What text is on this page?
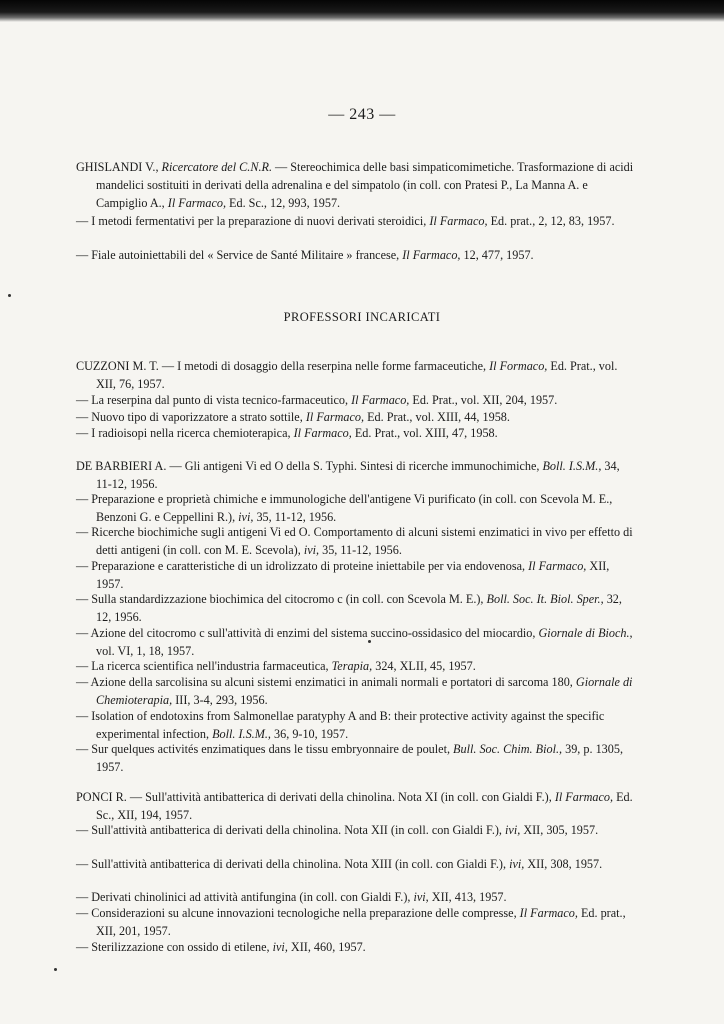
— 243 —
GHISLANDI V., Ricercatore del C.N.R. — Stereochimica delle basi simpaticomimetiche. Trasformazione di acidi mandelici sostituiti in derivati della adrenalina e del simpatolo (in coll. con Pratesi P., La Manna A. e Campiglio A., Il Farmaco, Ed. Sc., 12, 993, 1957.
— I metodi fermentativi per la preparazione di nuovi derivati steroidici, Il Farmaco, Ed. prat., 2, 12, 83, 1957.
— Fiale autoiniettabili del « Service de Santé Militaire » francese, Il Farmaco, 12, 477, 1957.
PROFESSORI INCARICATI
CUZZONI M. T. — I metodi di dosaggio della reserpina nelle forme farmaceutiche, Il Formaco, Ed. Prat., vol. XII, 76, 1957.
— La reserpina dal punto di vista tecnico-farmaceutico, Il Farmaco, Ed. Prat., vol. XII, 204, 1957.
— Nuovo tipo di vaporizzatore a strato sottile, Il Farmaco, Ed. Prat., vol. XIII, 44, 1958.
— I radioisopi nella ricerca chemioterapica, Il Farmaco, Ed. Prat., vol. XIII, 47, 1958.
DE BARBIERI A. — Gli antigeni Vi ed O della S. Typhi. Sintesi di ricerche immunochimiche, Boll. I.S.M., 34, 11-12, 1956.
— Preparazione e proprietà chimiche e immunologiche dell'antigene Vi purificato (in coll. con Scevola M. E., Benzoni G. e Ceppellini R.), ivi, 35, 11-12, 1956.
— Ricerche biochimiche sugli antigeni Vi ed O. Comportamento di alcuni sistemi enzimatici in vivo per effetto di detti antigeni (in coll. con M. E. Scevola), ivi, 35, 11-12, 1956.
— Preparazione e caratteristiche di un idrolizzato di proteine iniettabile per via endovenosa, Il Farmaco, XII, 1957.
— Sulla standardizzazione biochimica del citocromo c (in coll. con Scevola M. E.), Boll. Soc. It. Biol. Sper., 32, 12, 1956.
— Azione del citocromo c sull'attività di enzimi del sistema succino-ossidasico del miocardio, Giornale di Bioch., vol. VI, 1, 18, 1957.
— La ricerca scientifica nell'industria farmaceutica, Terapia, 324, XLII, 45, 1957.
— Azione della sarcolisina su alcuni sistemi enzimatici in animali normali e portatori di sarcoma 180, Giornale di Chemioterapia, III, 3-4, 293, 1956.
— Isolation of endotoxins from Salmonellae paratyphy A and B: their protective activity against the specific experimental infection, Boll. I.S.M., 36, 9-10, 1957.
— Sur quelques activités enzimatiques dans le tissu embryonnaire de poulet, Bull. Soc. Chim. Biol., 39, p. 1305, 1957.
PONCI R. — Sull'attività antibatterica di derivati della chinolina. Nota XI (in coll. con Gialdi F.), Il Farmaco, Ed. Sc., XII, 194, 1957.
— Sull'attività antibatterica di derivati della chinolina. Nota XII (in coll. con Gialdi F.), ivi, XII, 305, 1957.
— Sull'attività antibatterica di derivati della chinolina. Nota XIII (in coll. con Gialdi F.), ivi, XII, 308, 1957.
— Derivati chinolinici ad attività antifungina (in coll. con Gialdi F.), ivi, XII, 413, 1957.
— Considerazioni su alcune innovazioni tecnologiche nella preparazione delle compresse, Il Farmaco, Ed. prat., XII, 201, 1957.
— Sterilizzazione con ossido di etilene, ivi, XII, 460, 1957.
